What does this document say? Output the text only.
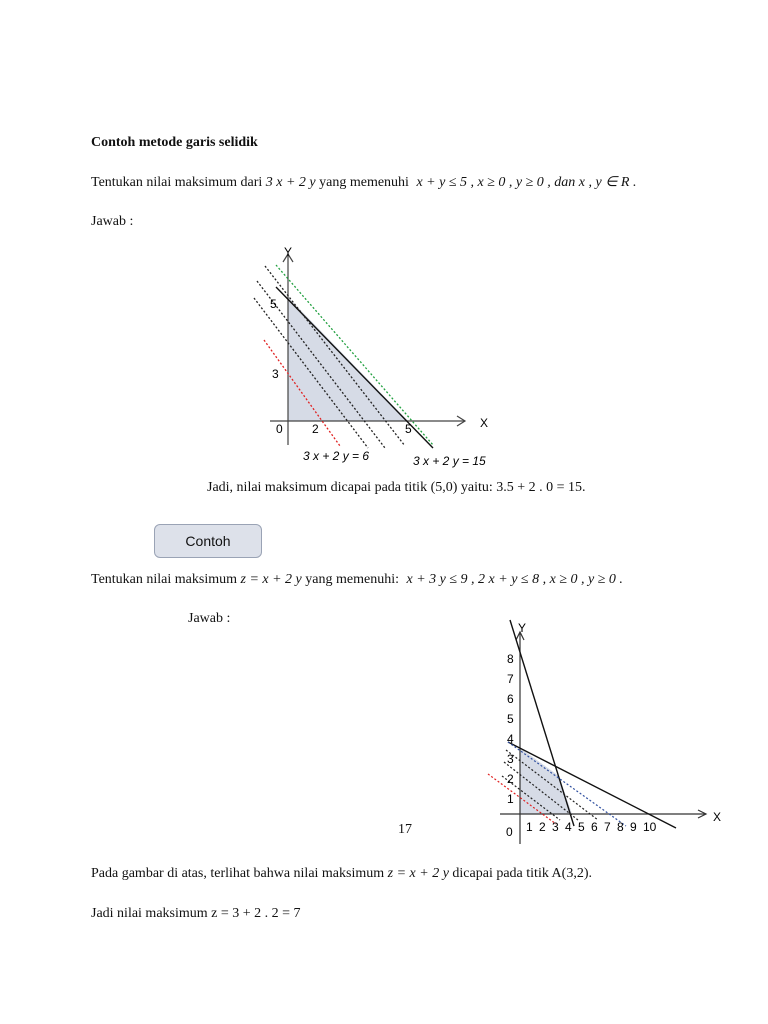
Contoh metode garis selidik
Tentukan nilai maksimum dari 3 x + 2 y yang memenuhi x + y ≤ 5 , x ≥ 0 , y ≥ 0 , dan x , y ∈ R .
Jawab :
Y
X
5
3
0 2	5
3 x + 2 y = 6	3 x + 2 y = 15
Jadi, nilai maksimum dicapai pada titik (5,0) yaitu: 3.5 + 2 . 0 = 15.
Contoh
Tentukan nilai maksimum z = x + 2 y yang memenuhi: x + 3 y ≤ 9 , 2 x + y ≤ 8 , x ≥ 0 , y ≥ 0 .
Jawab :
Y
X
0 1 2 3 4 5 6 7 8 9 10
1
2
3
4
5
6
7
8
17
Pada gambar di atas, terlihat bahwa nilai maksimum z = x + 2 y dicapai pada titik A(3,2).
Jadi nilai maksimum z = 3 + 2 . 2 = 7
